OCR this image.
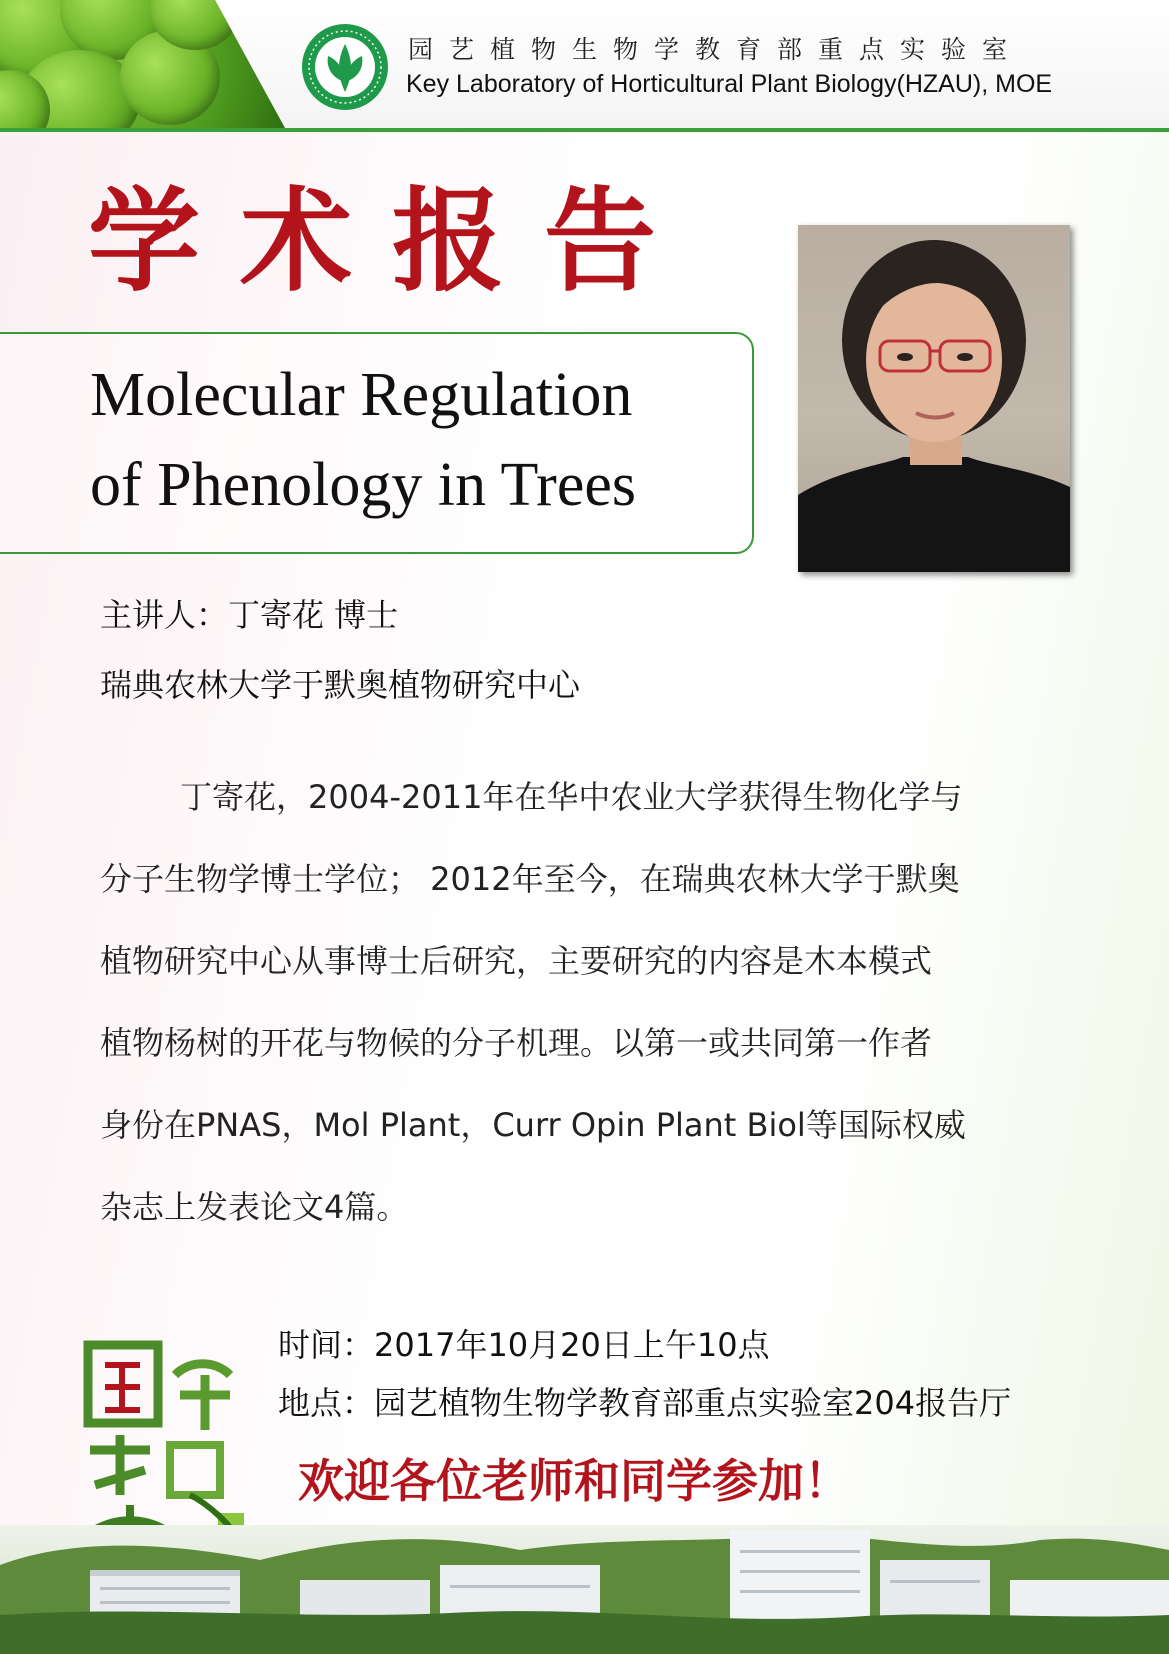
园艺植物生物学教育部重点实验室
Key Laboratory of Horticultural Plant Biology(HZAU), MOE
学术报告
Molecular Regulation
of Phenology in Trees
主讲人：丁寄花 博士
瑞典农林大学于默奥植物研究中心
丁寄花，2004-2011年在华中农业大学获得生物化学与
分子生物学博士学位； 2012年至今，在瑞典农林大学于默奥
植物研究中心从事博士后研究，主要研究的内容是木本模式
植物杨树的开花与物候的分子机理。以第一或共同第一作者
身份在PNAS，Mol Plant，Curr Opin Plant Biol等国际权威
杂志上发表论文4篇。
时间：2017年10月20日上午10点
地点：园艺植物生物学教育部重点实验室204报告厅
欢迎各位老师和同学参加！
